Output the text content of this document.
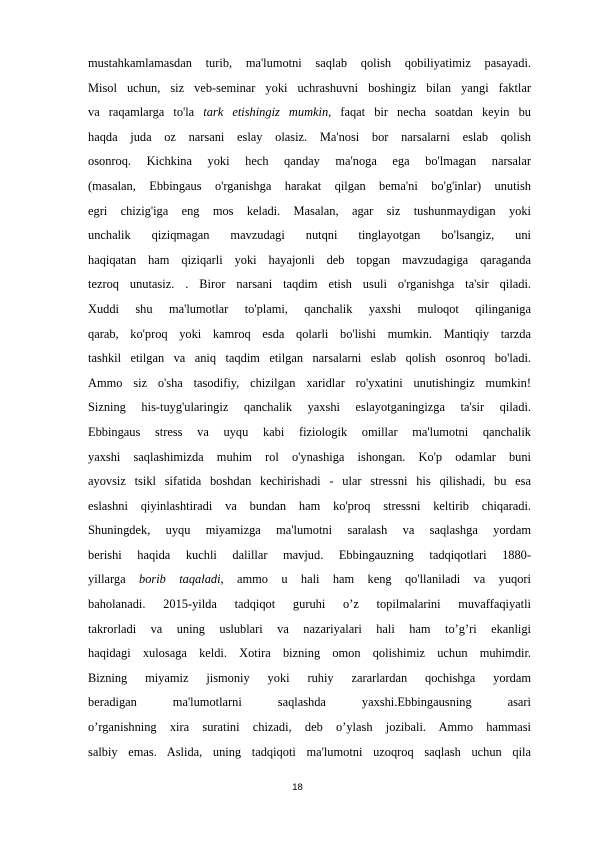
mustahkamlamasdan turib, ma'lumotni saqlab qolish qobiliyatimiz pasayadi.
Misol uchun, siz veb-seminar yoki uchrashuvni boshingiz bilan yangi faktlar
va raqamlarga to'la tark etishingiz mumkin, faqat bir necha soatdan keyin bu
haqda juda oz narsani eslay olasiz. Ma'nosi bor narsalarni eslab qolish
osonroq. Kichkina yoki hech qanday ma'noga ega bo'lmagan narsalar
(masalan, Ebbingaus o'rganishga harakat qilgan bema'ni bo'g'inlar) unutish
egri chizig'iga eng mos keladi. Masalan, agar siz tushunmaydigan yoki
unchalik qiziqmagan mavzudagi nutqni tinglayotgan bo'lsangiz, uni
haqiqatan ham qiziqarli yoki hayajonli deb topgan mavzudagiga qaraganda
tezroq unutasiz. . Biror narsani taqdim etish usuli o'rganishga ta'sir qiladi.
Xuddi shu ma'lumotlar to'plami, qanchalik yaxshi muloqot qilinganiga
qarab, ko'proq yoki kamroq esda qolarli bo'lishi mumkin. Mantiqiy tarzda
tashkil etilgan va aniq taqdim etilgan narsalarni eslab qolish osonroq bo'ladi.
Ammo siz o'sha tasodifiy, chizilgan xaridlar ro'yxatini unutishingiz mumkin!
Sizning his-tuyg'ularingiz qanchalik yaxshi eslayotganingizga ta'sir qiladi.
Ebbingaus stress va uyqu kabi fiziologik omillar ma'lumotni qanchalik
yaxshi saqlashimizda muhim rol o'ynashiga ishongan. Ko'p odamlar buni
ayovsiz tsikl sifatida boshdan kechirishadi - ular stressni his qilishadi, bu esa
eslashni qiyinlashtiradi va bundan ham ko'proq stressni keltirib chiqaradi.
Shuningdek, uyqu miyamizga ma'lumotni saralash va saqlashga yordam
berishi haqida kuchli dalillar mavjud. Ebbingauzning tadqiqotlari 1880-
yillarga borib taqaladi, ammo u hali ham keng qo'llaniladi va yuqori
baholanadi. 2015-yilda tadqiqot guruhi o’z topilmalarini muvaffaqiyatli
takrorladi va uning uslublari va nazariyalari hali ham to’g’ri ekanligi
haqidagi xulosaga keldi. Xotira bizning omon qolishimiz uchun muhimdir.
Bizning miyamiz jismoniy yoki ruhiy zararlardan qochishga yordam
beradigan ma'lumotlarni saqlashda yaxshi.Ebbingausning asari
o’rganishning xira suratini chizadi, deb o’ylash jozibali. Ammo hammasi
salbiy emas. Aslida, uning tadqiqoti ma'lumotni uzoqroq saqlash uchun qila
18
